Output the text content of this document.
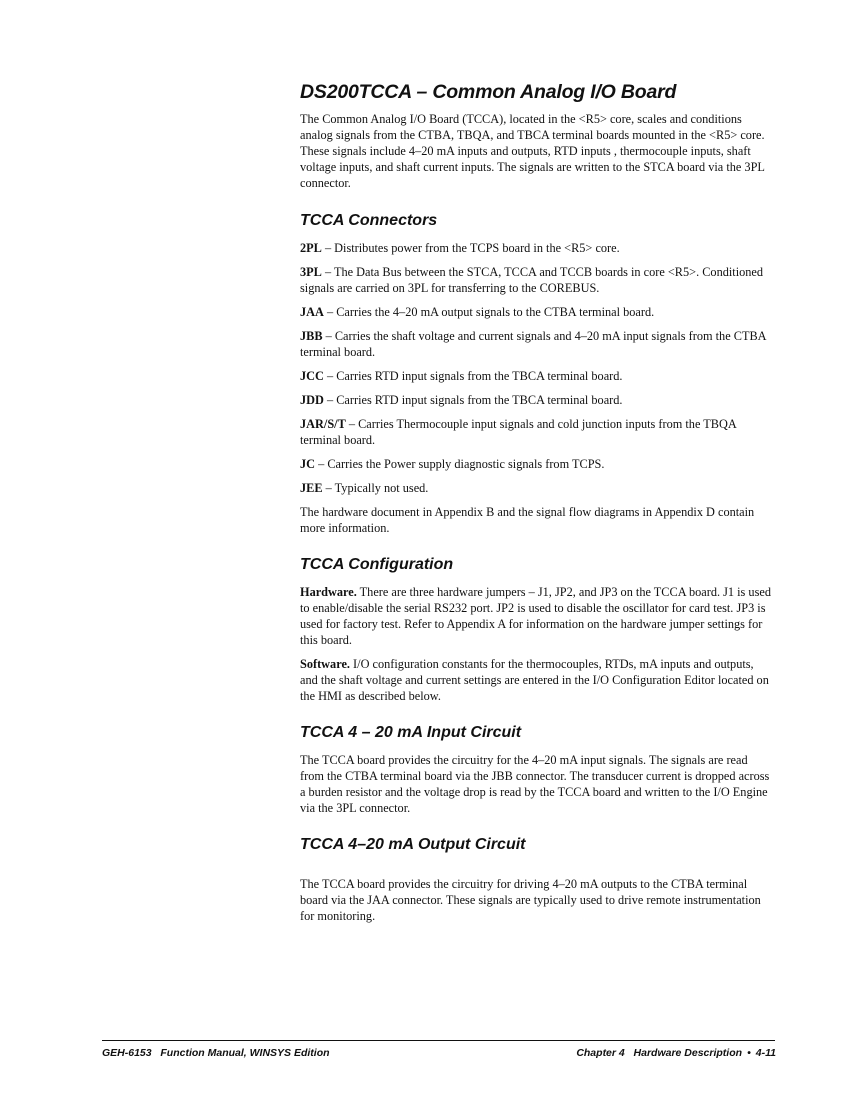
DS200TCCA – Common Analog I/O Board

The Common Analog I/O Board (TCCA), located in the <R5> core, scales and conditions analog signals from the CTBA, TBQA, and TBCA terminal boards mounted in the <R5> core. These signals include 4–20 mA inputs and outputs, RTD inputs , thermocouple inputs, shaft voltage inputs, and shaft current inputs. The signals are written to the STCA board via the 3PL connector.

TCCA Connectors

2PL – Distributes power from the TCPS board in the <R5> core.

3PL – The Data Bus between the STCA, TCCA and TCCB boards in core <R5>. Conditioned signals are carried on 3PL for transferring to the COREBUS.

JAA – Carries the 4–20 mA output signals to the CTBA terminal board.

JBB – Carries the shaft voltage and current signals and 4–20 mA input signals from the CTBA terminal board.

JCC – Carries RTD input signals from the TBCA terminal board.

JDD – Carries RTD input signals from the TBCA terminal board.

JAR/S/T – Carries Thermocouple input signals and cold junction inputs from the TBQA terminal board.

JC – Carries the Power supply diagnostic signals from TCPS.

JEE – Typically not used.

The hardware document in Appendix B and the signal flow diagrams in Appendix D contain more information.

TCCA Configuration

Hardware. There are three hardware jumpers – J1, JP2, and JP3 on the TCCA board. J1 is used to enable/disable the serial RS232 port. JP2 is used to disable the oscillator for card test. JP3 is used for factory test. Refer to Appendix A for information on the hardware jumper settings for this board.

Software. I/O configuration constants for the thermocouples, RTDs, mA inputs and outputs, and the shaft voltage and current settings are entered in the I/O Configuration Editor located on the HMI as described below.

TCCA 4 – 20 mA Input Circuit

The TCCA board provides the circuitry for the 4–20 mA input signals. The signals are read from the CTBA terminal board via the JBB connector. The transducer current is dropped across a burden resistor and the voltage drop is read by the TCCA board and written to the I/O Engine via the 3PL connector.

TCCA 4–20 mA Output Circuit

The TCCA board provides the circuitry for driving 4–20 mA outputs to the CTBA terminal board via the JAA connector. These signals are typically used to drive remote instrumentation for monitoring.

GEH-6153 Function Manual, WINSYS Edition	Chapter 4 Hardware Description • 4-11
